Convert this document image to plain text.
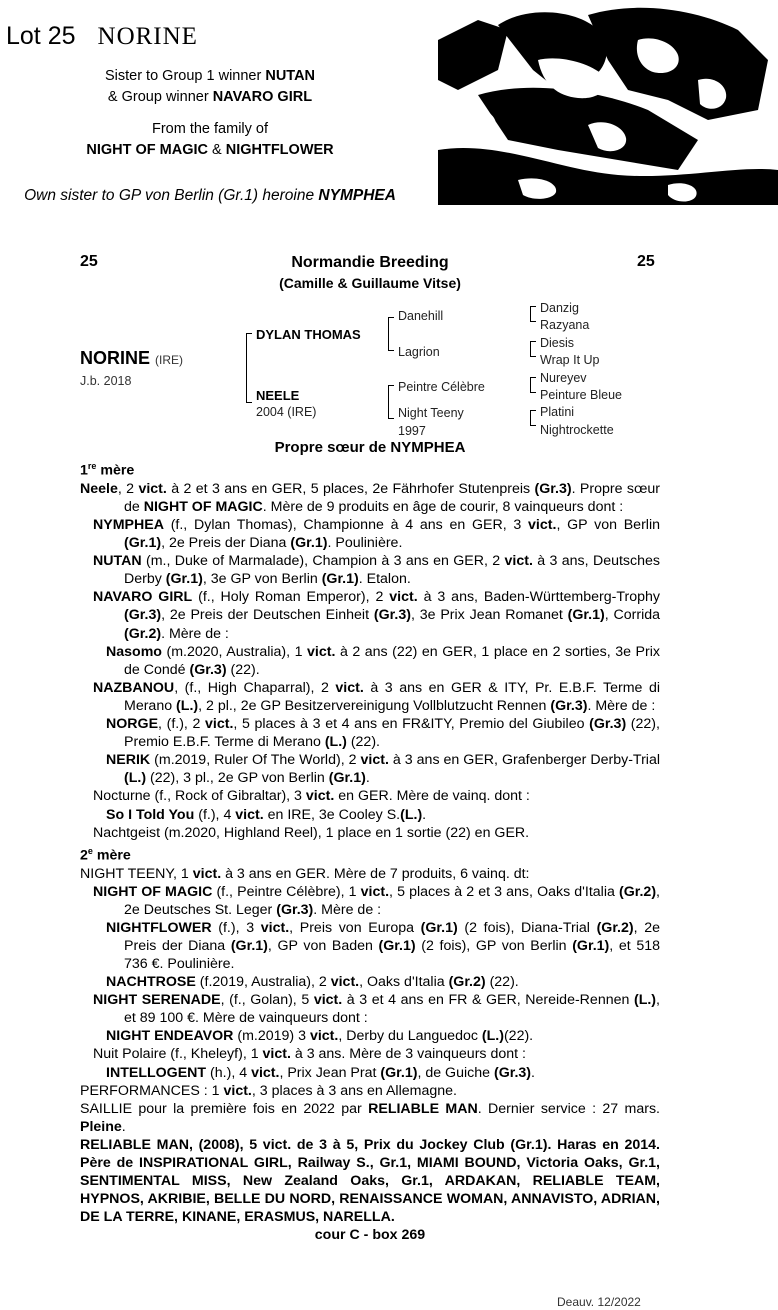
Lot 25 NORINE
Sister to Group 1 winner NUTAN
& Group winner NAVARO GIRL
From the family of
NIGHT OF MAGIC & NIGHTFLOWER
Own sister to GP von Berlin (Gr.1) heroine NYMPHEA
25	Normandie Breeding
(Camille & Guillaume Vitse)
25
NORINE (IRE)
J.b. 2018
DYLAN THOMAS
NEELE
2004 (IRE)
Danehill
Lagrion
Peintre Célèbre
Night Teeny
1997
Danzig
Razyana
Diesis
Wrap It Up
Nureyev
Peinture Bleue
Platini
Nightrockette
Propre sœur de NYMPHEA

1re mère

Neele, 2 vict. à 2 et 3 ans en GER, 5 places, 2e Fährhofer Stutenpreis (Gr.3). Propre sœur de NIGHT OF MAGIC. Mère de 9 produits en âge de courir, 8 vainqueurs dont :

NYMPHEA (f., Dylan Thomas), Championne à 4 ans en GER, 3 vict., GP von Berlin (Gr.1), 2e Preis der Diana (Gr.1). Poulinière.

NUTAN (m., Duke of Marmalade), Champion à 3 ans en GER, 2 vict. à 3 ans, Deutsches Derby (Gr.1), 3e GP von Berlin (Gr.1). Etalon.

NAVARO GIRL (f., Holy Roman Emperor), 2 vict. à 3 ans, Baden-Württemberg-Trophy (Gr.3), 2e Preis der Deutschen Einheit (Gr.3), 3e Prix Jean Romanet (Gr.1), Corrida (Gr.2). Mère de :

Nasomo (m.2020, Australia), 1 vict. à 2 ans (22) en GER, 1 place en 2 sorties, 3e Prix de Condé (Gr.3) (22).

NAZBANOU, (f., High Chaparral), 2 vict. à 3 ans en GER & ITY, Pr. E.B.F. Terme di Merano (L.), 2 pl., 2e GP Besitzervereinigung Vollblutzucht Rennen (Gr.3). Mère de :

NORGE, (f.), 2 vict., 5 places à 3 et 4 ans en FR&ITY, Premio del Giubileo (Gr.3) (22), Premio E.B.F. Terme di Merano (L.) (22).

NERIK (m.2019, Ruler Of The World), 2 vict. à 3 ans en GER, Grafenberger Derby-Trial (L.) (22), 3 pl., 2e GP von Berlin (Gr.1).

Nocturne (f., Rock of Gibraltar), 3 vict. en GER. Mère de vainq. dont :

So I Told You (f.), 4 vict. en IRE, 3e Cooley S.(L.).

Nachtgeist (m.2020, Highland Reel), 1 place en 1 sortie (22) en GER.

2e mère

NIGHT TEENY, 1 vict. à 3 ans en GER. Mère de 7 produits, 6 vainq. dt:

NIGHT OF MAGIC (f., Peintre Célèbre), 1 vict., 5 places à 2 et 3 ans, Oaks d'Italia (Gr.2), 2e Deutsches St. Leger (Gr.3). Mère de :

NIGHTFLOWER (f.), 3 vict., Preis von Europa (Gr.1) (2 fois), Diana-Trial (Gr.2), 2e Preis der Diana (Gr.1), GP von Baden (Gr.1) (2 fois), GP von Berlin (Gr.1), et 518 736 €. Poulinière.

NACHTROSE (f.2019, Australia), 2 vict., Oaks d'Italia (Gr.2) (22).

NIGHT SERENADE, (f., Golan), 5 vict. à 3 et 4 ans en FR & GER, Nereide-Rennen (L.), et 89 100 €. Mère de vainqueurs dont :

NIGHT ENDEAVOR (m.2019) 3 vict., Derby du Languedoc (L.)(22).

Nuit Polaire (f., Kheleyf), 1 vict. à 3 ans. Mère de 3 vainqueurs dont :

INTELLOGENT (h.), 4 vict., Prix Jean Prat (Gr.1), de Guiche (Gr.3).

PERFORMANCES : 1 vict., 3 places à 3 ans en Allemagne.

SAILLIE pour la première fois en 2022 par RELIABLE MAN. Dernier service : 27 mars. Pleine.

RELIABLE MAN, (2008), 5 vict. de 3 à 5, Prix du Jockey Club (Gr.1). Haras en 2014. Père de INSPIRATIONAL GIRL, Railway S., Gr.1, MIAMI BOUND, Victoria Oaks, Gr.1, SENTIMENTAL MISS, New Zealand Oaks, Gr.1, ARDAKAN, RELIABLE TEAM, HYPNOS, AKRIBIE, BELLE DU NORD, RENAISSANCE WOMAN, ANNAVISTO, ADRIAN, DE LA TERRE, KINANE, ERASMUS, NARELLA.

cour C - box 269

Deauv. 12/2022
